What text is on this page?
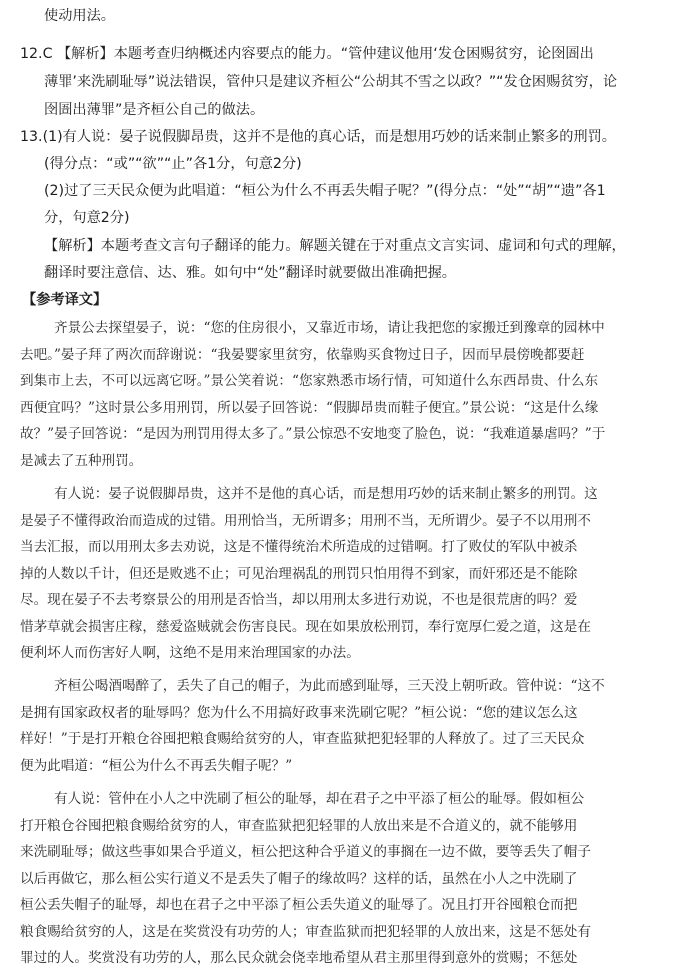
使动用法。
12.C 【解析】本题考查归纳概述内容要点的能力。“管仲建议他用‘发仓困赐贫穷，论囹圄出
薄罪’来洗刷耻辱”说法错误，管仲只是建议齐桓公“公胡其不雪之以政？”“发仓困赐贫穷，论
囹圄出薄罪”是齐桓公自己的做法。
13.(1)有人说：晏子说假脚昂贵，这并不是他的真心话，而是想用巧妙的话来制止繁多的刑罚。
(得分点：“或”“欲”“止”各1分，句意2分)
(2)过了三天民众便为此唱道：“桓公为什么不再丢失帽子呢？”(得分点：“处”“胡”“遗”各1
分，句意2分)
【解析】本题考查文言句子翻译的能力。解题关键在于对重点文言实词、虚词和句式的理解，
翻译时要注意信、达、雅。如句中“处”翻译时就要做出准确把握。
【参考译文】
齐景公去探望晏子，说：“您的住房很小，又靠近市场，请让我把您的家搬迁到豫章的园林中
去吧。”晏子拜了两次而辞谢说：“我晏婴家里贫穷，依靠购买食物过日子，因而早晨傍晚都要赶
到集市上去，不可以远离它呀。”景公笑着说：“您家熟悉市场行情，可知道什么东西昂贵、什么东
西便宜吗？”这时景公多用刑罚，所以晏子回答说：“假脚昂贵而鞋子便宜。”景公说：“这是什么缘
故？”晏子回答说：“是因为刑罚用得太多了。”景公惊恐不安地变了脸色，说：“我难道暴虐吗？”于
是减去了五种刑罚。
有人说：晏子说假脚昂贵，这并不是他的真心话，而是想用巧妙的话来制止繁多的刑罚。这
是晏子不懂得政治而造成的过错。用刑恰当，无所谓多；用刑不当，无所谓少。晏子不以用刑不
当去汇报，而以用刑太多去劝说，这是不懂得统治术所造成的过错啊。打了败仗的军队中被杀
掉的人数以千计，但还是败逃不止；可见治理祸乱的刑罚只怕用得不到家，而奸邪还是不能除
尽。现在晏子不去考察景公的用刑是否恰当，却以用刑太多进行劝说，不也是很荒唐的吗？爱
惜茅草就会损害庄稼，慈爱盗贼就会伤害良民。现在如果放松刑罚，奉行宽厚仁爱之道，这是在
便利坏人而伤害好人啊，这绝不是用来治理国家的办法。
齐桓公喝酒喝醉了，丢失了自己的帽子，为此而感到耻辱，三天没上朝听政。管仲说：“这不
是拥有国家政权者的耻辱吗？您为什么不用搞好政事来洗刷它呢？”桓公说：“您的建议怎么这
样好！”于是打开粮仓谷囤把粮食赐给贫穷的人，审查监狱把犯轻罪的人释放了。过了三天民众
便为此唱道：“桓公为什么不再丢失帽子呢？”
有人说：管仲在小人之中洗刷了桓公的耻辱，却在君子之中平添了桓公的耻辱。假如桓公
打开粮仓谷囤把粮食赐给贫穷的人，审查监狱把犯轻罪的人放出来是不合道义的，就不能够用
来洗刷耻辱；做这些事如果合乎道义，桓公把这种合乎道义的事搁在一边不做，要等丢失了帽子
以后再做它，那么桓公实行道义不是丢失了帽子的缘故吗？这样的话，虽然在小人之中洗刷了
桓公丢失帽子的耻辱，却也在君子之中平添了桓公丢失道义的耻辱了。况且打开谷囤粮仓而把
粮食赐给贫穷的人，这是在奖赏没有功劳的人；审查监狱而把犯轻罪的人放出来，这是不惩处有
罪过的人。奖赏没有功劳的人，那么民众就会侥幸地希望从君主那里得到意外的赏赐；不惩处
